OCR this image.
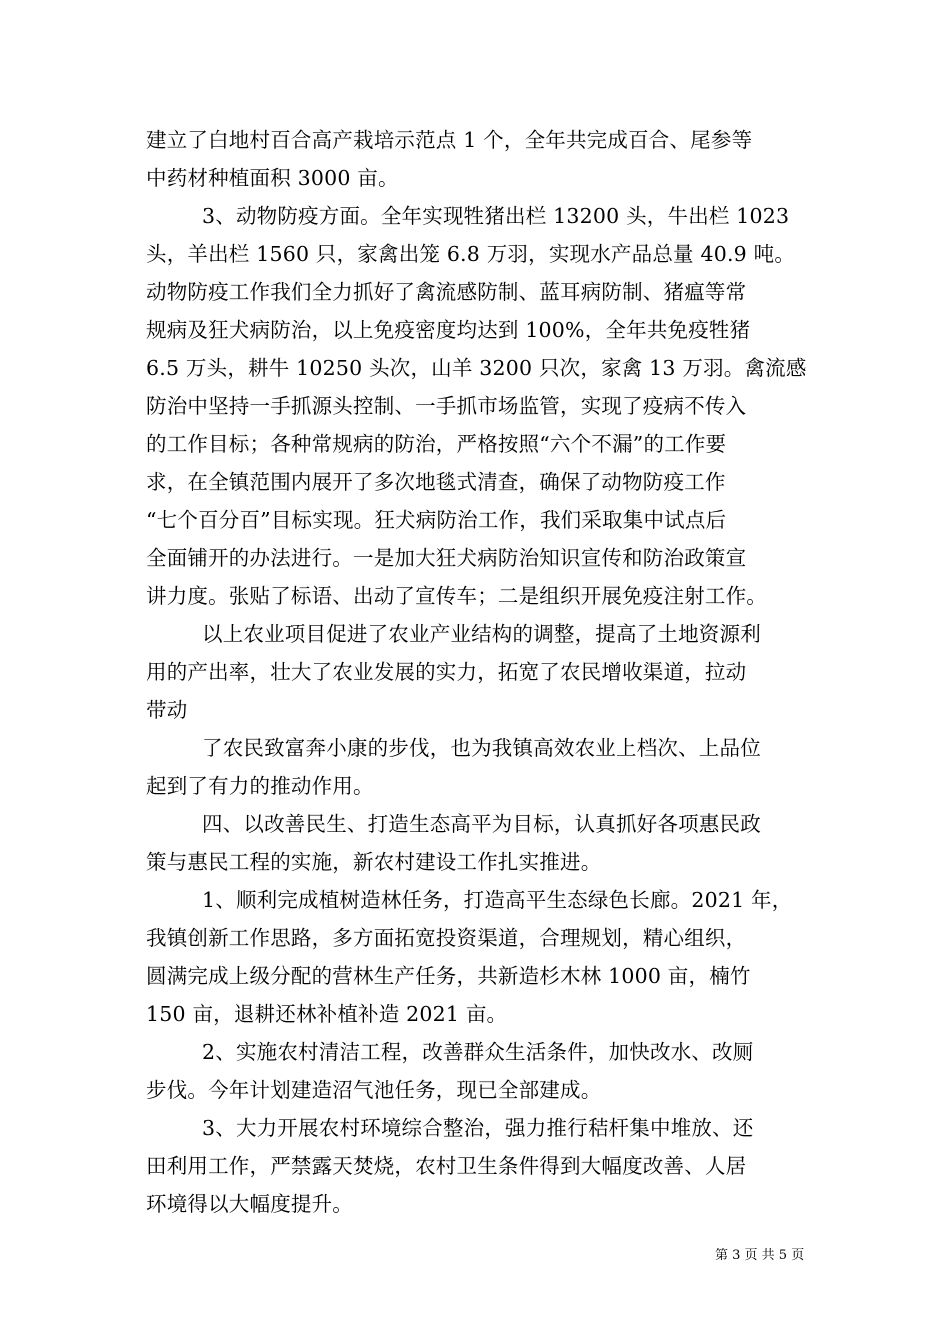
建立了白地村百合高产栽培示范点 1 个，全年共完成百合、尾参等
中药材种植面积 3000 亩。
3、动物防疫方面。全年实现牲猪出栏 13200 头，牛出栏 1023
头，羊出栏 1560 只，家禽出笼 6.8 万羽，实现水产品总量 40.9 吨。
动物防疫工作我们全力抓好了禽流感防制、蓝耳病防制、猪瘟等常
规病及狂犬病防治，以上免疫密度均达到 100%，全年共免疫牲猪
6.5 万头，耕牛 10250 头次，山羊 3200 只次，家禽 13 万羽。禽流感
防治中坚持一手抓源头控制、一手抓市场监管，实现了疫病不传入
的工作目标；各种常规病的防治，严格按照“六个不漏”的工作要
求，在全镇范围内展开了多次地毯式清查，确保了动物防疫工作
“七个百分百”目标实现。狂犬病防治工作，我们采取集中试点后
全面铺开的办法进行。一是加大狂犬病防治知识宣传和防治政策宣
讲力度。张贴了标语、出动了宣传车；二是组织开展免疫注射工作。
以上农业项目促进了农业产业结构的调整，提高了土地资源利
用的产出率，壮大了农业发展的实力，拓宽了农民增收渠道，拉动
带动
了农民致富奔小康的步伐，也为我镇高效农业上档次、上品位
起到了有力的推动作用。
四、以改善民生、打造生态高平为目标，认真抓好各项惠民政
策与惠民工程的实施，新农村建设工作扎实推进。
1、顺利完成植树造林任务，打造高平生态绿色长廊。2021 年，
我镇创新工作思路，多方面拓宽投资渠道，合理规划，精心组织，
圆满完成上级分配的营林生产任务，共新造杉木林 1000 亩，楠竹
150 亩，退耕还林补植补造 2021 亩。
2、实施农村清洁工程，改善群众生活条件，加快改水、改厕
步伐。今年计划建造沼气池任务，现已全部建成。
3、大力开展农村环境综合整治，强力推行秸杆集中堆放、还
田利用工作，严禁露天焚烧，农村卫生条件得到大幅度改善、人居
环境得以大幅度提升。
第 3 页 共 5 页
